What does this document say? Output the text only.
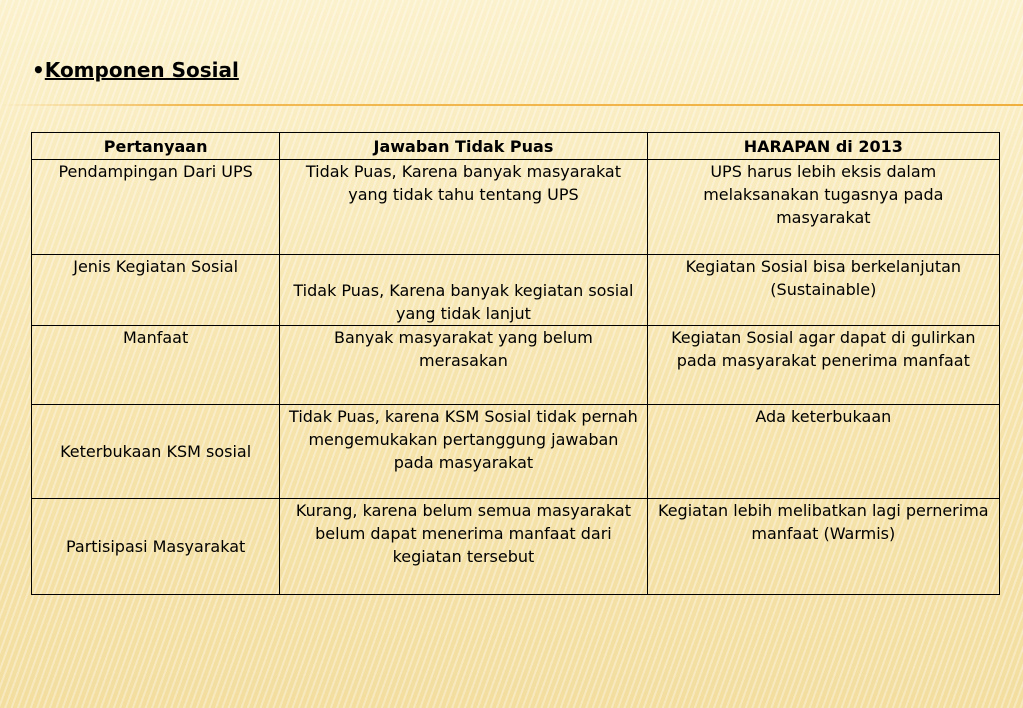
•Komponen Sosial
Pertanyaan	Jawaban Tidak Puas	HARAPAN di 2013
Pendampingan Dari UPS	Tidak Puas, Karena banyak masyarakat yang tidak tahu tentang UPS	UPS harus lebih eksis dalam melaksanakan tugasnya pada masyarakat
Jenis Kegiatan Sosial	Tidak Puas, Karena banyak kegiatan sosial yang tidak lanjut	Kegiatan Sosial bisa berkelanjutan (Sustainable)
Manfaat	Banyak masyarakat yang belum merasakan	Kegiatan Sosial agar dapat di gulirkan pada masyarakat penerima manfaat
Keterbukaan KSM sosial	Tidak Puas, karena KSM Sosial tidak pernah mengemukakan pertanggung jawaban pada masyarakat	Ada keterbukaan
Partisipasi Masyarakat	Kurang, karena belum semua masyarakat belum dapat menerima manfaat dari kegiatan tersebut	Kegiatan lebih melibatkan lagi pernerima manfaat (Warmis)
